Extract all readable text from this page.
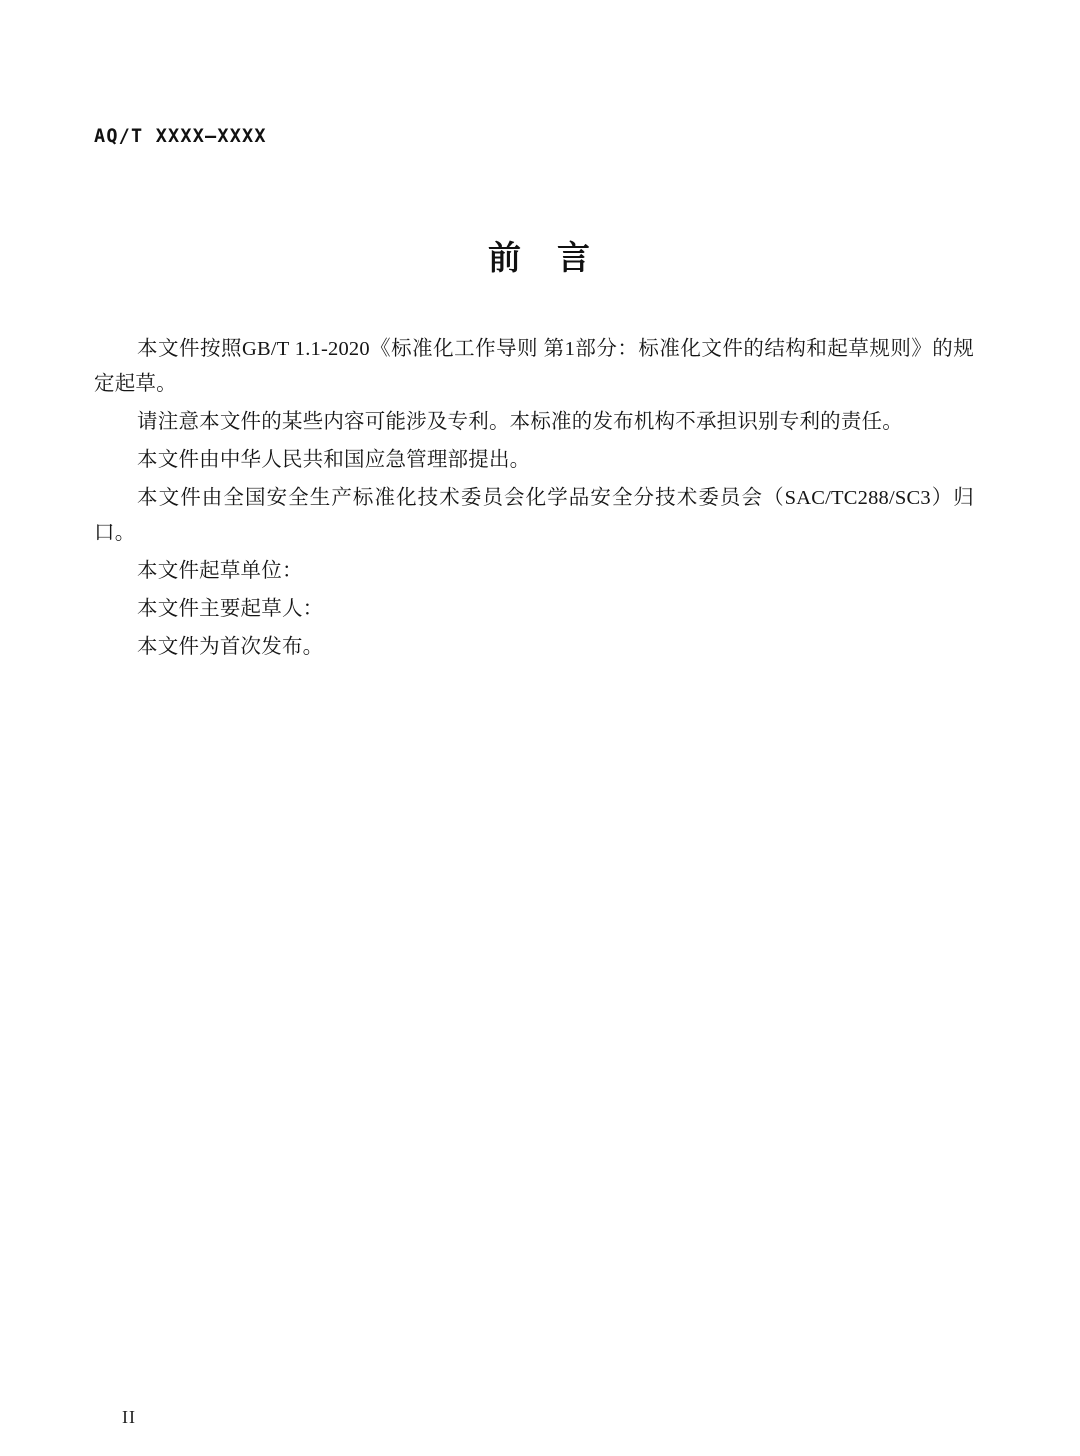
AQ/T XXXX—XXXX
前 言

本文件按照GB/T 1.1-2020《标准化工作导则 第1部分：标准化文件的结构和起草规则》的规定起草。

请注意本文件的某些内容可能涉及专利。本标准的发布机构不承担识别专利的责任。

本文件由中华人民共和国应急管理部提出。

本文件由全国安全生产标准化技术委员会化学品安全分技术委员会（SAC/TC288/SC3）归口。

本文件起草单位：

本文件主要起草人：

本文件为首次发布。

II
